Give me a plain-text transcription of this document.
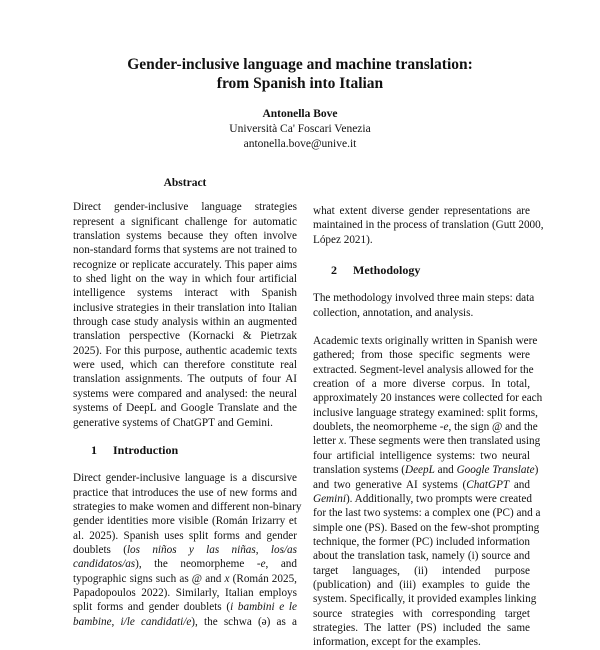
Gender-inclusive language and machine translation:
from Spanish into Italian
Antonella Bove
Università Ca' Foscari Venezia
antonella.bove@unive.it
Abstract
Direct gender-inclusive language strategies
represent a significant challenge for automatic
translation systems because they often involve
non-standard forms that systems are not trained to
recognize or replicate accurately. This paper aims
to shed light on the way in which four artificial
intelligence systems interact with Spanish
inclusive strategies in their translation into Italian
through case study analysis within an augmented
translation perspective (Kornacki & Pietrzak
2025). For this purpose, authentic academic texts
were used, which can therefore constitute real
translation assignments. The outputs of four AI
systems were compared and analysed: the neural
systems of DeepL and Google Translate and the
generative systems of ChatGPT and Gemini.
1 Introduction
Direct gender-inclusive language is a discursive
practice that introduces the use of new forms and
strategies to make women and different non-binary
gender identities more visible (Román Irizarry et
al. 2025). Spanish uses split forms and gender
doublets (los niños y las niñas, los/as
candidatos/as), the neomorpheme -e, and
typographic signs such as @ and x (Román 2025,
Papadopoulos 2022). Similarly, Italian employs
split forms and gender doublets (i bambini e le
bambine, i/le candidati/e), the schwa (ə) as a
what extent diverse gender representations are
maintained in the process of translation (Gutt 2000,
López 2021).
2 Methodology
The methodology involved three main steps: data
collection, annotation, and analysis.
Academic texts originally written in Spanish were
gathered; from those specific segments were
extracted. Segment-level analysis allowed for the
creation of a more diverse corpus. In total,
approximately 20 instances were collected for each
inclusive language strategy examined: split forms,
doublets, the neomorpheme -e, the sign @ and the
letter x. These segments were then translated using
four artificial intelligence systems: two neural
translation systems (DeepL and Google Translate)
and two generative AI systems (ChatGPT and
Gemini). Additionally, two prompts were created
for the last two systems: a complex one (PC) and a
simple one (PS). Based on the few-shot prompting
technique, the former (PC) included information
about the translation task, namely (i) source and
target languages, (ii) intended purpose
(publication) and (iii) examples to guide the
system. Specifically, it provided examples linking
source strategies with corresponding target
strategies. The latter (PS) included the same
information, except for the examples.
